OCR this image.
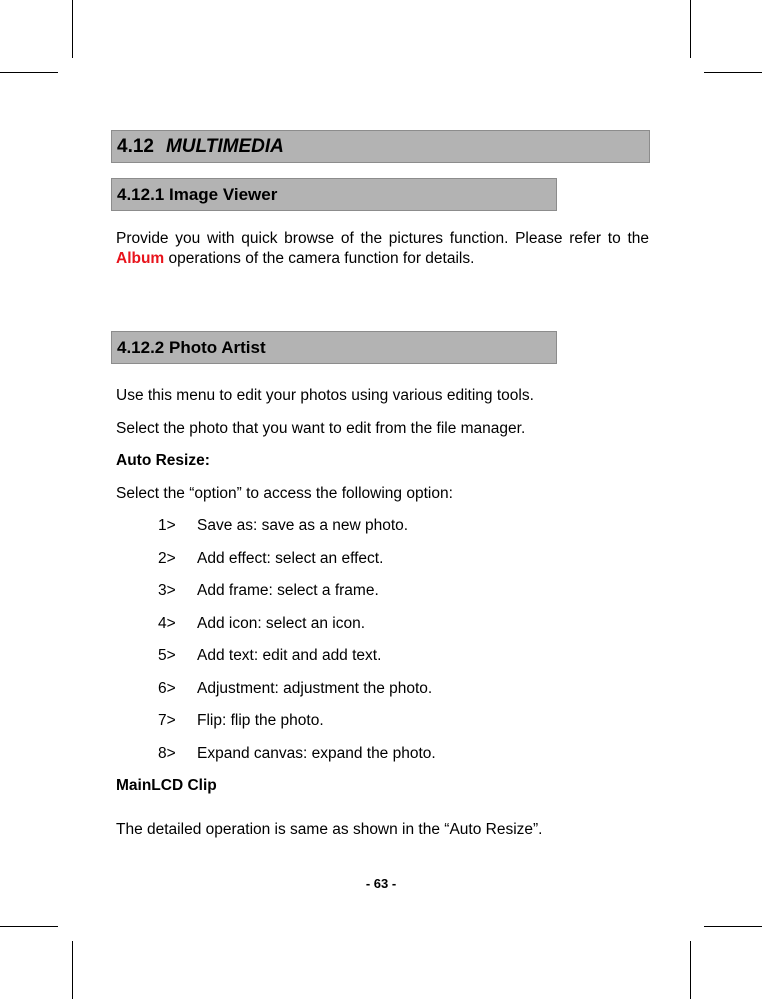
4.12 MULTIMEDIA
4.12.1 Image Viewer
Provide you with quick browse of the pictures function. Please refer to the Album operations of the camera function for details.
4.12.2 Photo Artist
Use this menu to edit your photos using various editing tools.
Select the photo that you want to edit from the file manager.
Auto Resize:
Select the “option” to access the following option:
1> Save as: save as a new photo.
2> Add effect: select an effect.
3> Add frame: select a frame.
4> Add icon: select an icon.
5> Add text: edit and add text.
6> Adjustment: adjustment the photo.
7> Flip: flip the photo.
8> Expand canvas: expand the photo.
MainLCD Clip
The detailed operation is same as shown in the “Auto Resize”.
- 63 -
